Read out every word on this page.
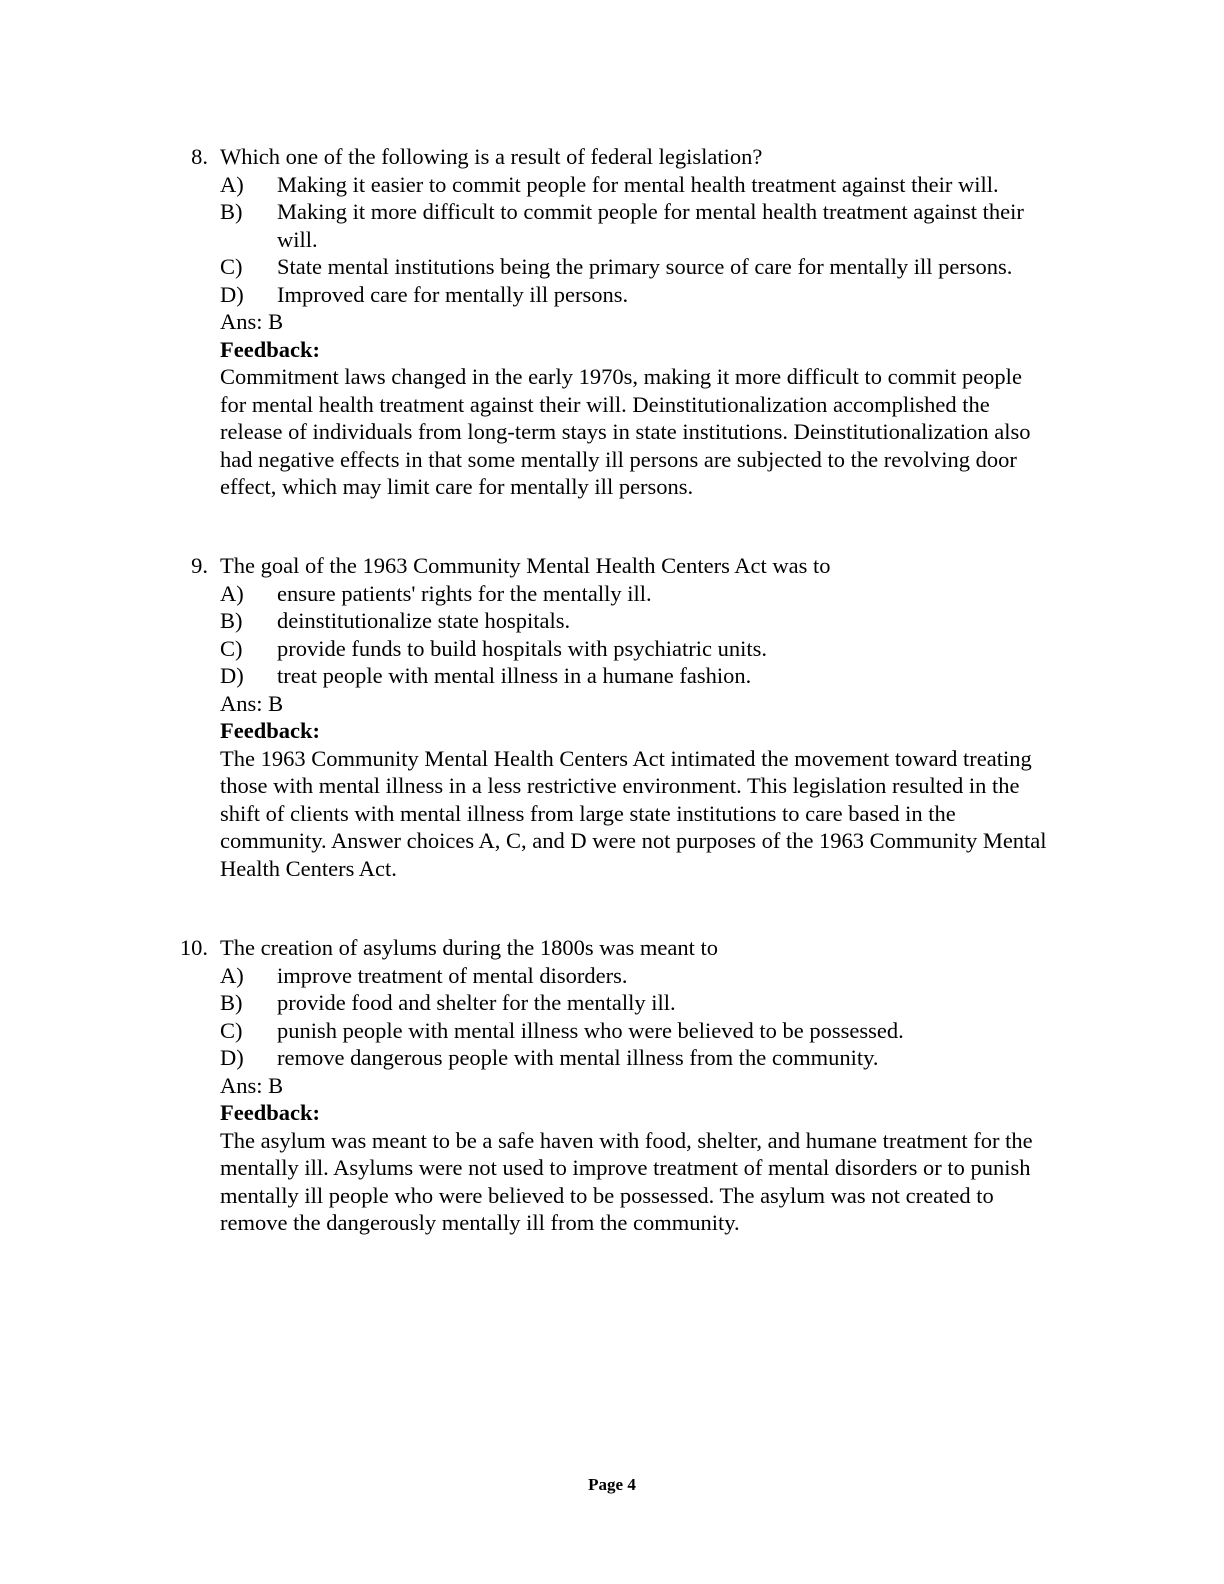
8. Which one of the following is a result of federal legislation?
A) Making it easier to commit people for mental health treatment against their will.
B) Making it more difficult to commit people for mental health treatment against their will.
C) State mental institutions being the primary source of care for mentally ill persons.
D) Improved care for mentally ill persons.
Ans: B
Feedback:
Commitment laws changed in the early 1970s, making it more difficult to commit people for mental health treatment against their will. Deinstitutionalization accomplished the release of individuals from long-term stays in state institutions. Deinstitutionalization also had negative effects in that some mentally ill persons are subjected to the revolving door effect, which may limit care for mentally ill persons.
9. The goal of the 1963 Community Mental Health Centers Act was to
A) ensure patients' rights for the mentally ill.
B) deinstitutionalize state hospitals.
C) provide funds to build hospitals with psychiatric units.
D) treat people with mental illness in a humane fashion.
Ans: B
Feedback:
The 1963 Community Mental Health Centers Act intimated the movement toward treating those with mental illness in a less restrictive environment. This legislation resulted in the shift of clients with mental illness from large state institutions to care based in the community. Answer choices A, C, and D were not purposes of the 1963 Community Mental Health Centers Act.
10. The creation of asylums during the 1800s was meant to
A) improve treatment of mental disorders.
B) provide food and shelter for the mentally ill.
C) punish people with mental illness who were believed to be possessed.
D) remove dangerous people with mental illness from the community.
Ans: B
Feedback:
The asylum was meant to be a safe haven with food, shelter, and humane treatment for the mentally ill. Asylums were not used to improve treatment of mental disorders or to punish mentally ill people who were believed to be possessed. The asylum was not created to remove the dangerously mentally ill from the community.
Page 4
